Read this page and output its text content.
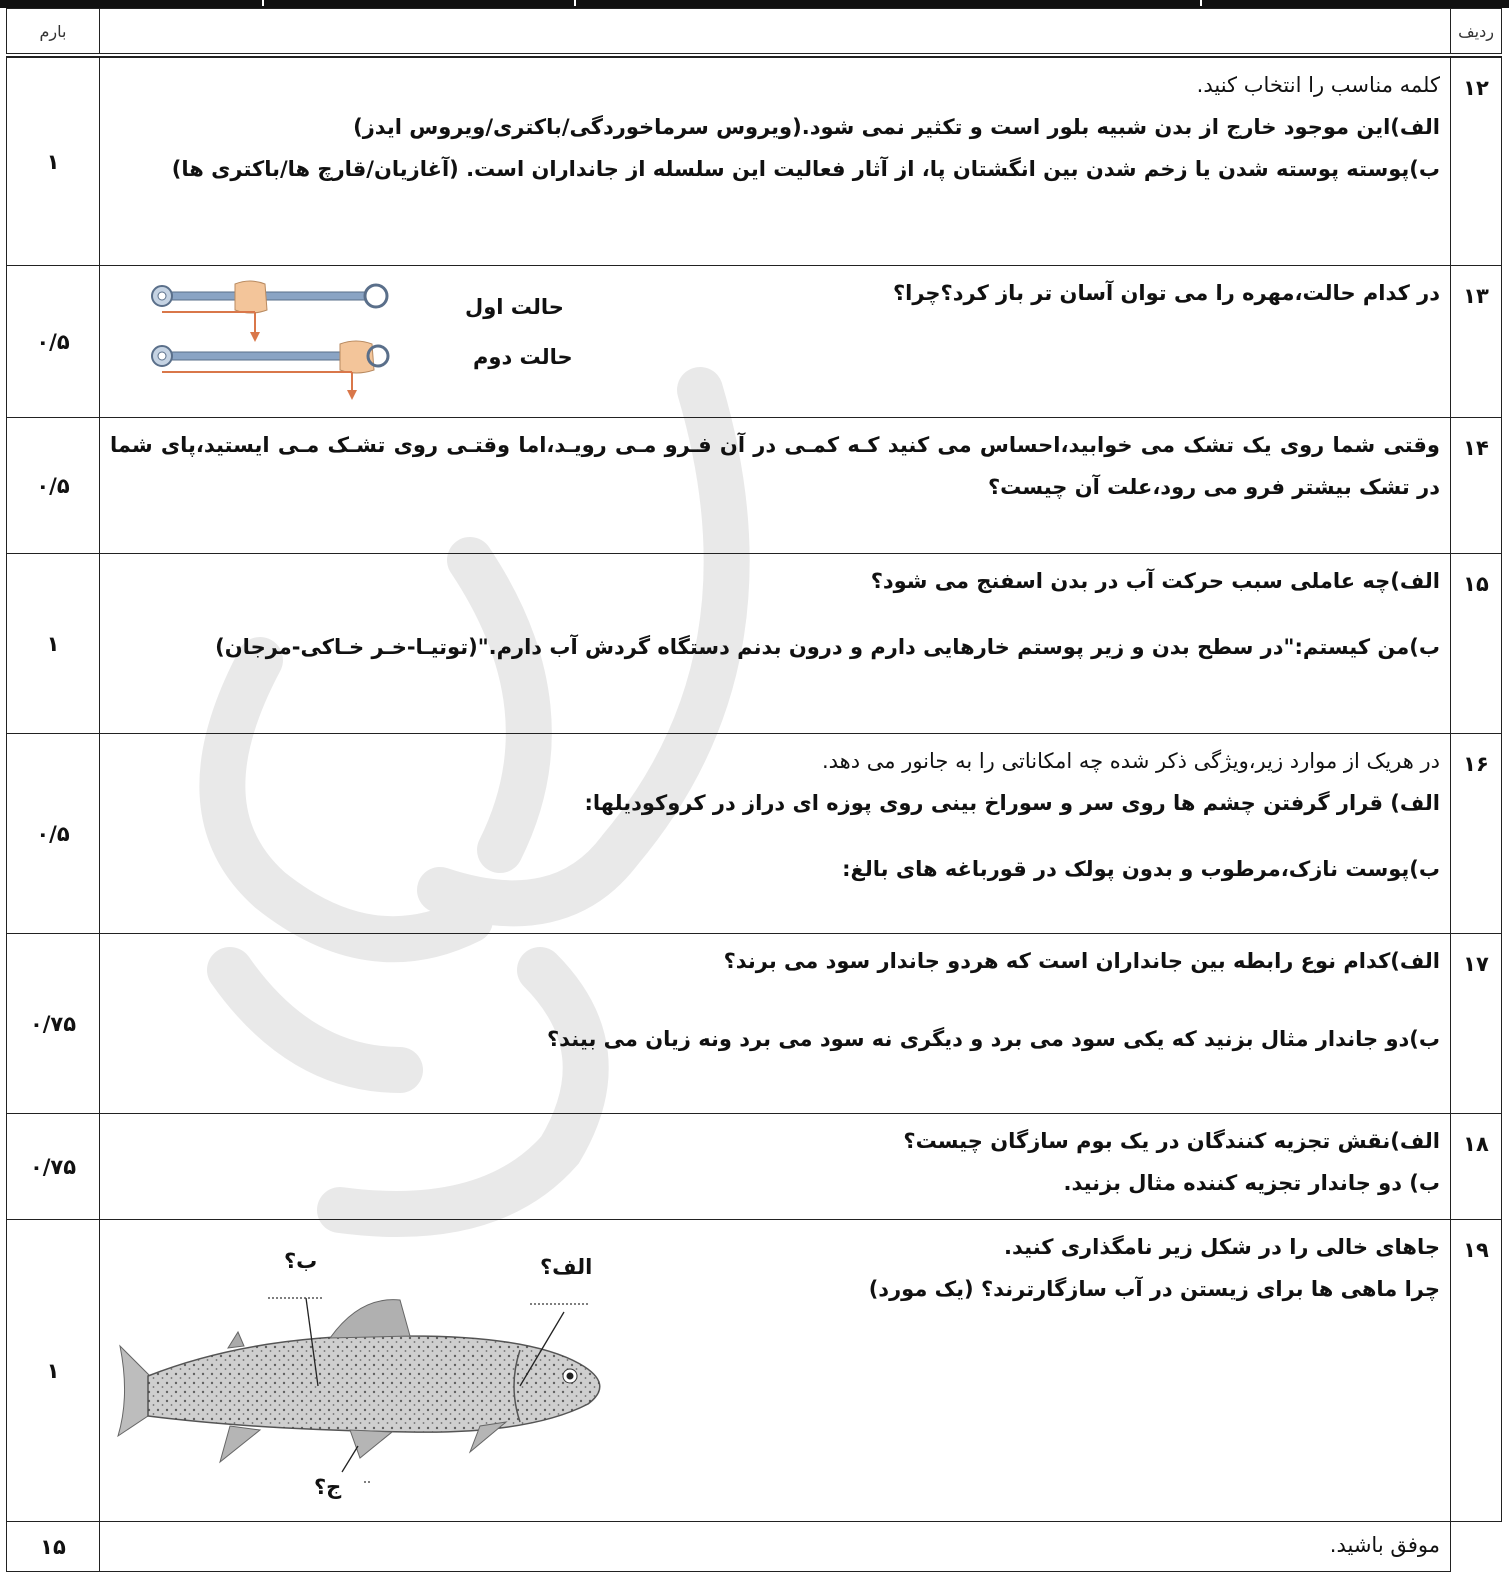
ردیف		بارم

۱۲	کلمه مناسب را انتخاب کنید.
الف)این موجود خارج از بدن شبیه بلور است و تکثیر نمی شود.(ویروس سرماخوردگی/باکتری/ویروس ایدز)
ب)پوسته پوسته شدن یا زخم شدن بین انگشتان پا، از آثار فعالیت این سلسله از جانداران است. (آغازیان/قارچ ها/باکتری ها)	۱
۱۳	در کدام حالت،مهره را می توان آسان تر باز کرد؟چرا؟
حالت اول
حالت دوم	۰/۵
۱۴	وقتی شما روی یک تشک می خوابید،احساس می کنید کـه کمـی در آن فـرو مـی رویـد،اما وقتـی روی تشـک مـی ایستید،پای شما در تشک بیشتر فرو می رود،علت آن چیست؟	۰/۵
۱۵	الف)چه عاملی سبب حرکت آب در بدن اسفنج می شود؟
ب)من کیستم:"در سطح بدن و زیر پوستم خارهایی دارم و درون بدنم دستگاه گردش آب دارم."(توتیـا-خـر خـاکی-مرجان)	۱
۱۶	در هریک از موارد زیر،ویژگی ذکر شده چه امکاناتی را به جانور می دهد.
الف) قرار گرفتن چشم ها روی سر و سوراخ بینی روی پوزه ای دراز در کروکودیلها:
ب)پوست نازک،مرطوب و بدون پولک در قورباغه های بالغ:	۰/۵
۱۷	الف)کدام نوع رابطه بین جانداران است که هردو جاندار سود می برند؟
ب)دو جاندار مثال بزنید که یکی سود می برد و دیگری نه سود می برد ونه زیان می بیند؟	۰/۷۵
۱۸	الف)نقش تجزیه کنندگان در یک بوم سازگان چیست؟
ب) دو جاندار تجزیه کننده مثال بزنید.	۰/۷۵
۱۹	جاهای خالی را در شکل زیر نامگذاری کنید.
چرا ماهی ها برای زیستن در آب سازگارترند؟ (یک مورد)
الف؟
ب؟
ج؟	۱
	موفق باشید.	۱۵
